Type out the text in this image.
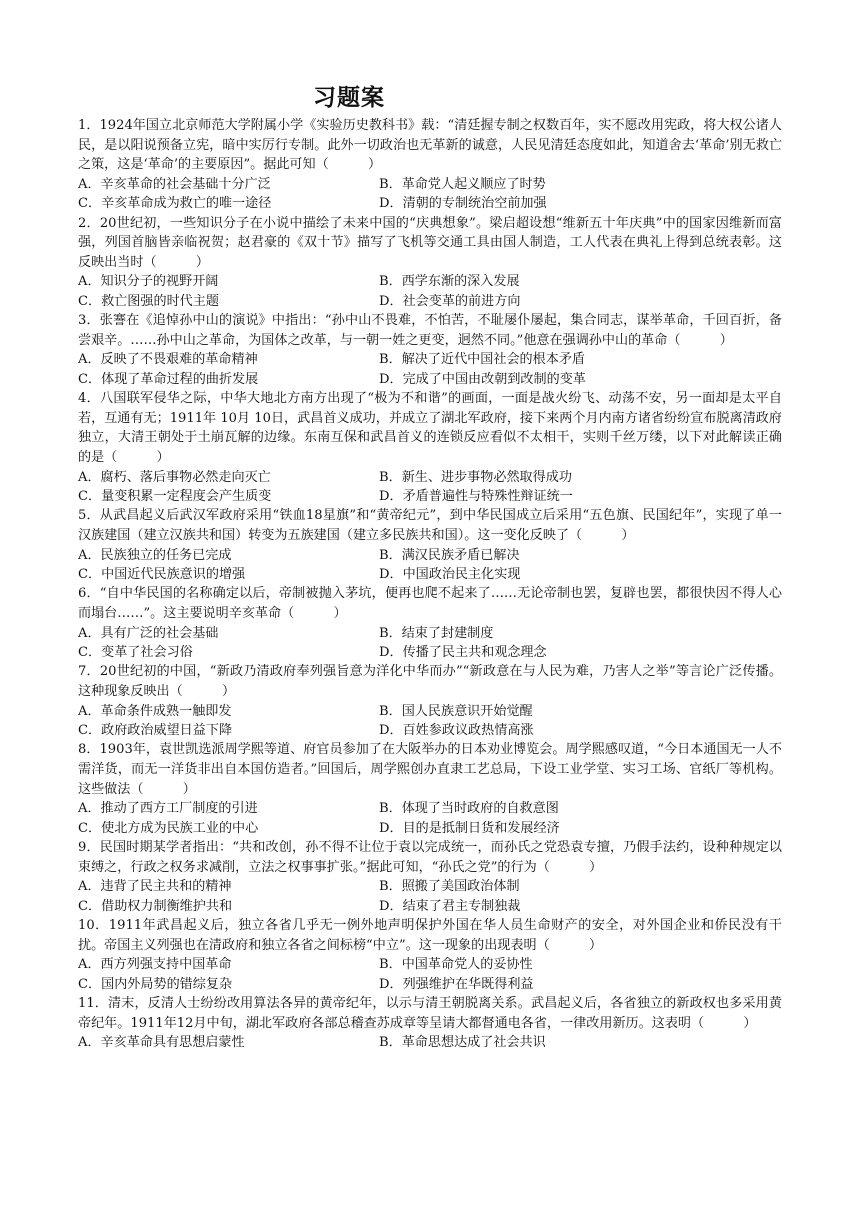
习题案

1．1924年国立北京师范大学附属小学《实验历史教科书》载：“清廷握专制之权数百年，实不愿改用宪政，将大权公诸人民，是以阳说预备立宪，暗中实厉行专制。此外一切政治也无革新的诚意，人民见清廷态度如此，知道舍去‘革命’别无救亡之策，这是‘革命’的主要原因”。据此可知（　　　）

A．辛亥革命的社会基础十分广泛	B．革命党人起义顺应了时势
C．辛亥革命成为救亡的唯一途径	D．清朝的专制统治空前加强

2．20世纪初，一些知识分子在小说中描绘了未来中国的“庆典想象”。梁启超设想“维新五十年庆典”中的国家因维新而富强，列国首脑皆亲临祝贺；赵君豪的《双十节》描写了飞机等交通工具由国人制造，工人代表在典礼上得到总统表彰。这反映出当时（　　　）

A．知识分子的视野开阔	B．西学东渐的深入发展
C．救亡图强的时代主题	D．社会变革的前进方向

3．张謇在《追悼孙中山的演说》中指出：“孙中山不畏难，不怕苦，不耻屡仆屡起，集合同志，谋举革命，千回百折，备尝艰辛。……孙中山之革命，为国体之改革，与一朝一姓之更变，迥然不同。”他意在强调孙中山的革命（　　　）

A．反映了不畏艰难的革命精神	B．解决了近代中国社会的根本矛盾
C．体现了革命过程的曲折发展	D．完成了中国由改朝到改制的变革

4．八国联军侵华之际，中华大地北方南方出现了“极为不和谐”的画面，一面是战火纷飞、动荡不安，另一面却是太平自若，互通有无；1911年 10月 10日，武昌首义成功，并成立了湖北军政府，接下来两个月内南方诸省纷纷宣布脱离清政府独立，大清王朝处于土崩瓦解的边缘。东南互保和武昌首义的连锁反应看似不太相干，实则千丝万缕，以下对此解读正确的是（　　　）

A．腐朽、落后事物必然走向灭亡	B．新生、进步事物必然取得成功
C．量变积累一定程度会产生质变	D．矛盾普遍性与特殊性辩证统一

5．从武昌起义后武汉军政府采用“铁血18星旗”和“黄帝纪元”，到中华民国成立后采用“五色旗、民国纪年”，实现了单一汉族建国（建立汉族共和国）转变为五族建国（建立多民族共和国）。这一变化反映了（　　　）

A．民族独立的任务已完成	B．满汉民族矛盾已解决
C．中国近代民族意识的增强	D．中国政治民主化实现

6．“自中华民国的名称确定以后，帝制被抛入茅坑，便再也爬不起来了……无论帝制也罢，复辟也罢，都很快因不得人心而塌台……”。这主要说明辛亥革命（　　　）

A．具有广泛的社会基础	B．结束了封建制度
C．变革了社会习俗	D．传播了民主共和观念理念

7．20世纪初的中国，“新政乃清政府奉列强旨意为洋化中华而办”“新政意在与人民为难，乃害人之举”等言论广泛传播。这种现象反映出（　　　）

A．革命条件成熟一触即发	B．国人民族意识开始觉醒
C．政府政治威望日益下降	D．百姓参政议政热情高涨

8．1903年，袁世凯选派周学熙等道、府官员参加了在大阪举办的日本劝业博览会。周学熙感叹道，“今日本通国无一人不需洋货，而无一洋货非出自本国仿造者。”回国后，周学熙创办直隶工艺总局，下设工业学堂、实习工场、官纸厂等机构。这些做法（　　　）

A．推动了西方工厂制度的引进	B．体现了当时政府的自救意图
C．使北方成为民族工业的中心	D．目的是抵制日货和发展经济

9．民国时期某学者指出：“共和改创，孙不得不让位于袁以完成统一，而孙氏之党恐袁专擅，乃假手法约，设种种规定以束缚之，行政之权务求减削，立法之权事事扩张。”据此可知，“孙氏之党”的行为（　　　）

A．违背了民主共和的精神	B．照搬了美国政治体制
C．借助权力制衡维护共和	D．结束了君主专制独裁

10．1911年武昌起义后，独立各省几乎无一例外地声明保护外国在华人员生命财产的安全，对外国企业和侨民没有干扰。帝国主义列强也在清政府和独立各省之间标榜“中立”。这一现象的出现表明（　　　）

A．西方列强支持中国革命	B．中国革命党人的妥协性
C．国内外局势的错综复杂	D．列强维护在华既得利益

11．清末，反清人士纷纷改用算法各异的黄帝纪年，以示与清王朝脱离关系。武昌起义后，各省独立的新政权也多采用黄帝纪年。1911年12月中旬，湖北军政府各部总稽查苏成章等呈请大都督通电各省，一律改用新历。这表明（　　　）

A．辛亥革命具有思想启蒙性	B．革命思想达成了社会共识
